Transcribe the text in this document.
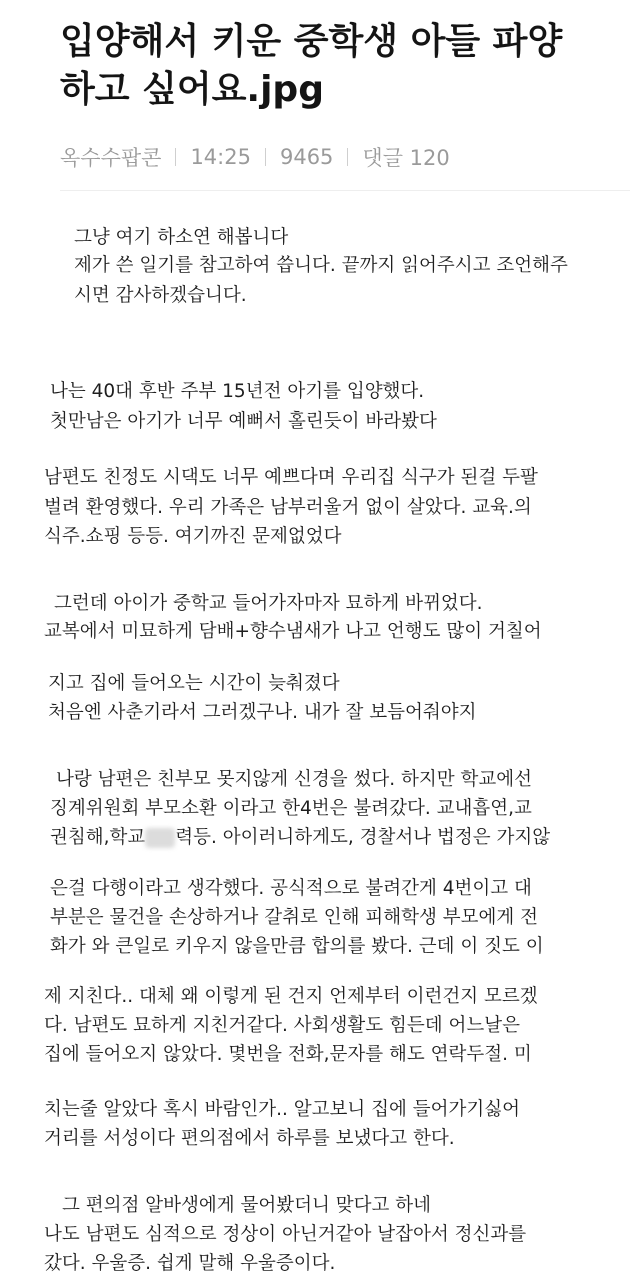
입양해서 키운 중학생 아들 파양
하고 싶어요.jpg
옥수수팝콘 14:25 9465 댓글 120
그냥 여기 하소연 해봅니다
제가 쓴 일기를 참고하여 씁니다. 끝까지 읽어주시고 조언해주
시면 감사하겠습니다.
나는 40대 후반 주부 15년전 아기를 입양했다.
첫만남은 아기가 너무 예뻐서 홀린듯이 바라봤다
남편도 친정도 시댁도 너무 예쁘다며 우리집 식구가 된걸 두팔
벌려 환영했다. 우리 가족은 남부러울거 없이 살았다. 교육.의
식주.쇼핑 등등. 여기까진 문제없었다
그런데 아이가 중학교 들어가자마자 묘하게 바뀌었다.
교복에서 미묘하게 담배+향수냄새가 나고 언행도 많이 거칠어
지고 집에 들어오는 시간이 늦춰졌다
처음엔 사춘기라서 그러겠구나. 내가 잘 보듬어줘야지
나랑 남편은 친부모 못지않게 신경을 썼다. 하지만 학교에선
징계위원회 부모소환 이라고 한4번은 불려갔다. 교내흡연,교
권침해,학교 력등. 아이러니하게도, 경찰서나 법정은 가지않
은걸 다행이라고 생각했다. 공식적으로 불려간게 4번이고 대
부분은 물건을 손상하거나 갈취로 인해 피해학생 부모에게 전
화가 와 큰일로 키우지 않을만큼 합의를 봤다. 근데 이 짓도 이
제 지친다.. 대체 왜 이렇게 된 건지 언제부터 이런건지 모르겠
다. 남편도 묘하게 지친거같다. 사회생활도 힘든데 어느날은
집에 들어오지 않았다. 몇번을 전화,문자를 해도 연락두절. 미
치는줄 알았다 혹시 바람인가.. 알고보니 집에 들어가기싫어
거리를 서성이다 편의점에서 하루를 보냈다고 한다.
그 편의점 알바생에게 물어봤더니 맞다고 하네
나도 남편도 심적으로 정상이 아닌거같아 날잡아서 정신과를
갔다. 우울증. 쉽게 말해 우울증이다.
